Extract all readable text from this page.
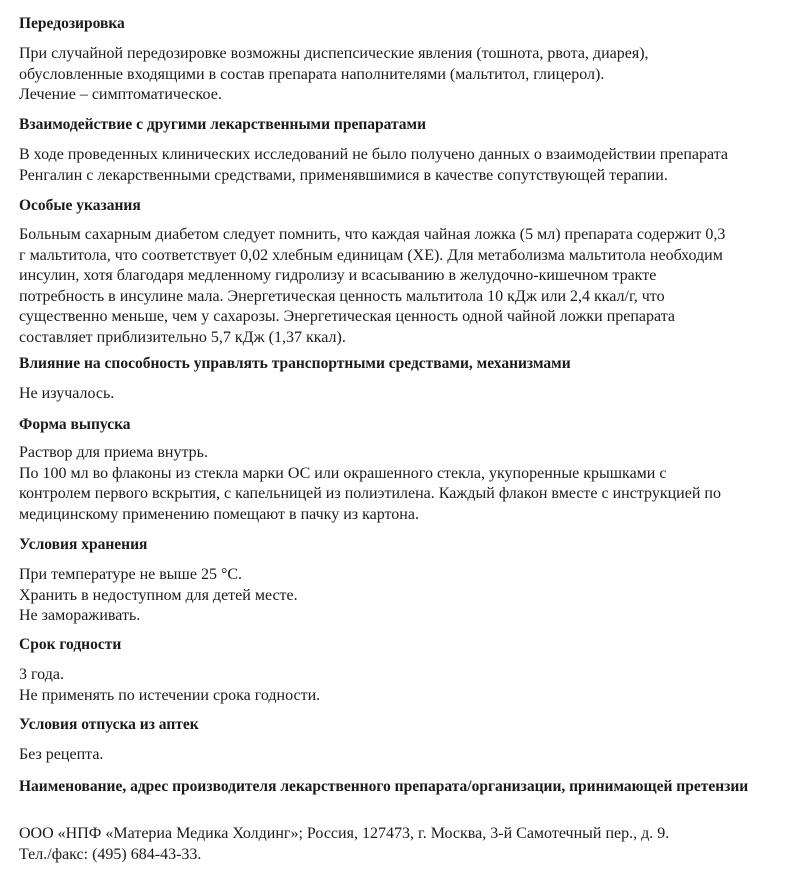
Передозировка
При случайной передозировке возможны диспепсические явления (тошнота, рвота, диарея),
обусловленные входящими в состав препарата наполнителями (мальтитол, глицерол).
Лечение – симптоматическое.
Взаимодействие с другими лекарственными препаратами
В ходе проведенных клинических исследований не было получено данных о взаимодействии препарата
Ренгалин с лекарственными средствами, применявшимися в качестве сопутствующей терапии.
Особые указания
Больным сахарным диабетом следует помнить, что каждая чайная ложка (5 мл) препарата содержит 0,3
г мальтитола, что соответствует 0,02 хлебным единицам (ХЕ). Для метаболизма мальтитола необходим
инсулин, хотя благодаря медленному гидролизу и всасыванию в желудочно-кишечном тракте
потребность в инсулине мала. Энергетическая ценность мальтитола 10 кДж или 2,4 ккал/г, что
существенно меньше, чем у сахарозы. Энергетическая ценность одной чайной ложки препарата
составляет приблизительно 5,7 кДж (1,37 ккал).
Влияние на способность управлять транспортными средствами, механизмами
Не изучалось.
Форма выпуска
Раствор для приема внутрь.
По 100 мл во флаконы из стекла марки ОС или окрашенного стекла, укупоренные крышками с
контролем первого вскрытия, с капельницей из полиэтилена. Каждый флакон вместе с инструкцией по
медицинскому применению помещают в пачку из картона.
Условия хранения
При температуре не выше 25 °С.
Хранить в недоступном для детей месте.
Не замораживать.
Срок годности
3 года.
Не применять по истечении срока годности.
Условия отпуска из аптек
Без рецепта.
Наименование, адрес производителя лекарственного препарата/организации, принимающей претензии
ООО «НПФ «Материа Медика Холдинг»; Россия, 127473, г. Москва, 3-й Самотечный пер., д. 9.
Тел./факс: (495) 684-43-33.
